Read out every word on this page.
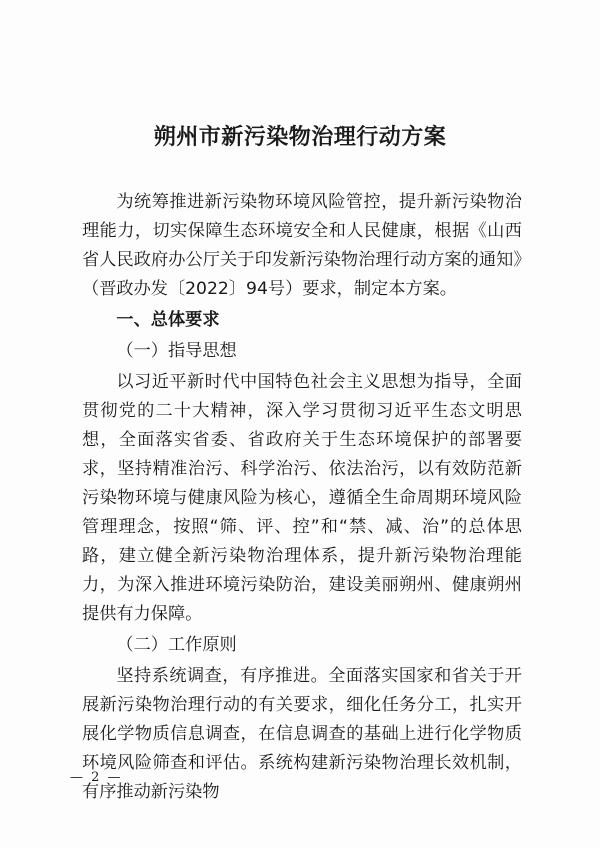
朔州市新污染物治理行动方案

为统筹推进新污染物环境风险管控，提升新污染物治理能力，切实保障生态环境安全和人民健康，根据《山西省人民政府办公厅关于印发新污染物治理行动方案的通知》（晋政办发〔2022〕94号）要求，制定本方案。

一、总体要求

（一）指导思想

以习近平新时代中国特色社会主义思想为指导，全面贯彻党的二十大精神，深入学习贯彻习近平生态文明思想，全面落实省委、省政府关于生态环境保护的部署要求，坚持精准治污、科学治污、依法治污，以有效防范新污染物环境与健康风险为核心，遵循全生命周期环境风险管理理念，按照“筛、评、控”和“禁、减、治”的总体思路，建立健全新污染物治理体系，提升新污染物治理能力，为深入推进环境污染防治，建设美丽朔州、健康朔州提供有力保障。

（二）工作原则

坚持系统调查，有序推进。全面落实国家和省关于开展新污染物治理行动的有关要求，细化任务分工，扎实开展化学物质信息调查，在信息调查的基础上进行化学物质环境风险筛查和评估。系统构建新污染物治理长效机制，有序推动新污染物

— 2 —
